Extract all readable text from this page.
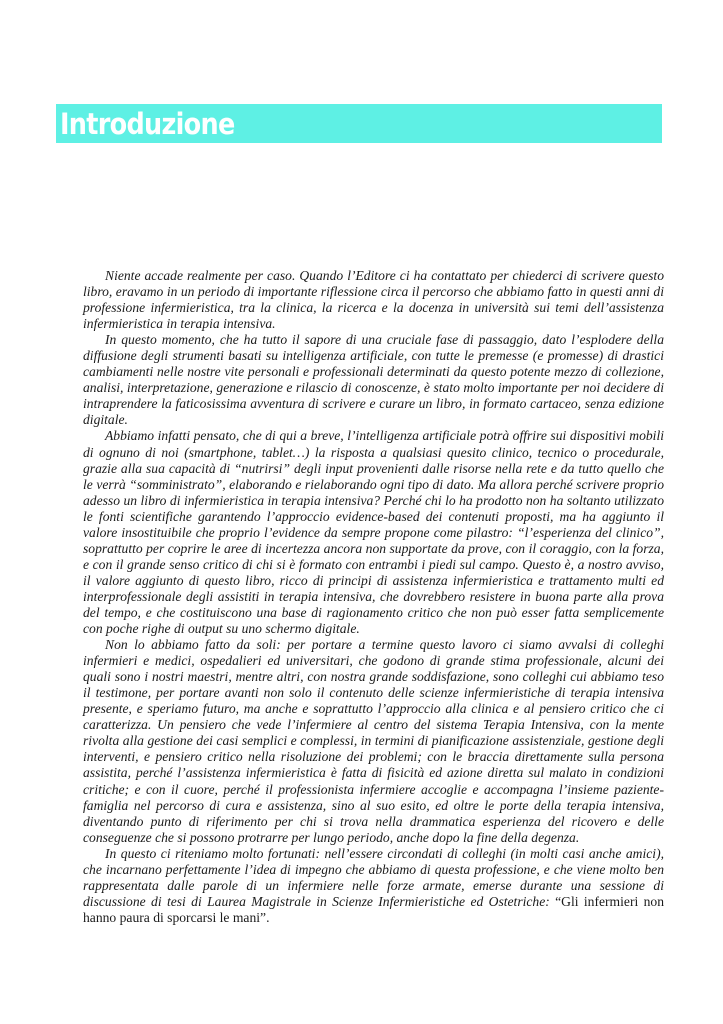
Introduzione

Niente accade realmente per caso. Quando l’Editore ci ha contattato per chiederci di scrivere questo libro, eravamo in un periodo di importante riflessione circa il percorso che abbiamo fatto in questi anni di professione infermieristica, tra la clinica, la ricerca e la docenza in università sui temi dell’assistenza infermieristica in terapia intensiva.

In questo momento, che ha tutto il sapore di una cruciale fase di passaggio, dato l’esplodere della diffusione degli strumenti basati su intelligenza artificiale, con tutte le premesse (e promesse) di drastici cambiamenti nelle nostre vite personali e professionali determinati da questo potente mezzo di collezione, analisi, interpretazione, generazione e rilascio di conoscenze, è stato molto importante per noi decidere di intraprendere la faticosissima avventura di scrivere e curare un libro, in formato cartaceo, senza edizione digitale.

Abbiamo infatti pensato, che di qui a breve, l’intelligenza artificiale potrà offrire sui dispositivi mobili di ognuno di noi (smartphone, tablet…) la risposta a qualsiasi quesito clinico, tecnico o procedurale, grazie alla sua capacità di “nutrirsi” degli input provenienti dalle risorse nella rete e da tutto quello che le verrà “somministrato”, elaborando e rielaborando ogni tipo di dato. Ma allora perché scrivere proprio adesso un libro di infermieristica in terapia intensiva? Perché chi lo ha prodotto non ha soltanto utilizzato le fonti scientifiche garantendo l’approccio evidence-based dei contenuti proposti, ma ha aggiunto il valore insostituibile che proprio l’evidence da sempre propone come pilastro: “l’esperienza del clinico”, soprattutto per coprire le aree di incertezza ancora non supportate da prove, con il coraggio, con la forza, e con il grande senso critico di chi si è formato con entrambi i piedi sul campo. Questo è, a nostro avviso, il valore aggiunto di questo libro, ricco di principi di assistenza infermieristica e trattamento multi ed interprofessionale degli assistiti in terapia intensiva, che dovrebbero resistere in buona parte alla prova del tempo, e che costituiscono una base di ragionamento critico che non può esser fatta semplicemente con poche righe di output su uno schermo digitale.

Non lo abbiamo fatto da soli: per portare a termine questo lavoro ci siamo avvalsi di colleghi infermieri e medici, ospedalieri ed universitari, che godono di grande stima professionale, alcuni dei quali sono i nostri maestri, mentre altri, con nostra grande soddisfazione, sono colleghi cui abbiamo teso il testimone, per portare avanti non solo il contenuto delle scienze infermieristiche di terapia intensiva presente, e speriamo futuro, ma anche e soprattutto l’approccio alla clinica e al pensiero critico che ci caratterizza. Un pensiero che vede l’infermiere al centro del sistema Terapia Intensiva, con la mente rivolta alla gestione dei casi semplici e complessi, in termini di pianificazione assistenziale, gestione degli interventi, e pensiero critico nella risoluzione dei problemi; con le braccia direttamente sulla persona assistita, perché l’assistenza infermieristica è fatta di fisicità ed azione diretta sul malato in condizioni critiche; e con il cuore, perché il professionista infermiere accoglie e accompagna l’insieme paziente-famiglia nel percorso di cura e assistenza, sino al suo esito, ed oltre le porte della terapia intensiva, diventando punto di riferimento per chi si trova nella drammatica esperienza del ricovero e delle conseguenze che si possono protrarre per lungo periodo, anche dopo la fine della degenza.

In questo ci riteniamo molto fortunati: nell’essere circondati di colleghi (in molti casi anche amici), che incarnano perfettamente l’idea di impegno che abbiamo di questa professione, e che viene molto ben rappresentata dalle parole di un infermiere nelle forze armate, emerse durante una sessione di discussione di tesi di Laurea Magistrale in Scienze Infermieristiche ed Ostetriche: “Gli infermieri non hanno paura di sporcarsi le mani”.
